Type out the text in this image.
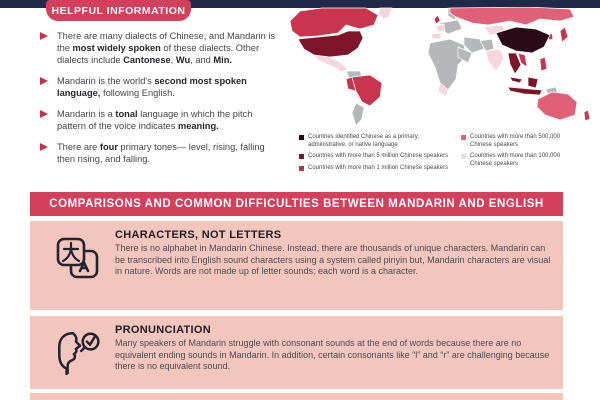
HELPFUL INFORMATION

There are many dialects of Chinese, and Mandarin is the most widely spoken of these dialects. Other dialects include Cantonese, Wu, and Min.

Mandarin is the world's second most spoken language, following English.

Mandarin is a tonal language in which the pitch pattern of the voice indicates meaning.

There are four primary tones— level, rising, falling then rising, and falling.

Countries identified Chinese as a primary, administrative, or native language
Countries with more than 5 million Chinese speakers
Countries with more than 1 million Chinese speakers
Countries with more than 500,000 Chinese speakers
Countries with more than 100,000 Chinese speakers
COMPARISONS AND COMMON DIFFICULTIES BETWEEN MANDARIN AND ENGLISH
CHARACTERS, NOT LETTERS

There is no alphabet in Mandarin Chinese. Instead, there are thousands of unique characters. Mandarin can be transcribed into English sound characters using a system called pinyin but, Mandarin characters are visual in nature. Words are not made up of letter sounds; each word is a character.

PRONUNCIATION

Many speakers of Mandarin struggle with consonant sounds at the end of words because there are no equivalent ending sounds in Mandarin. In addition, certain consonants like “l” and “r” are challenging because there is no equivalent sound.
